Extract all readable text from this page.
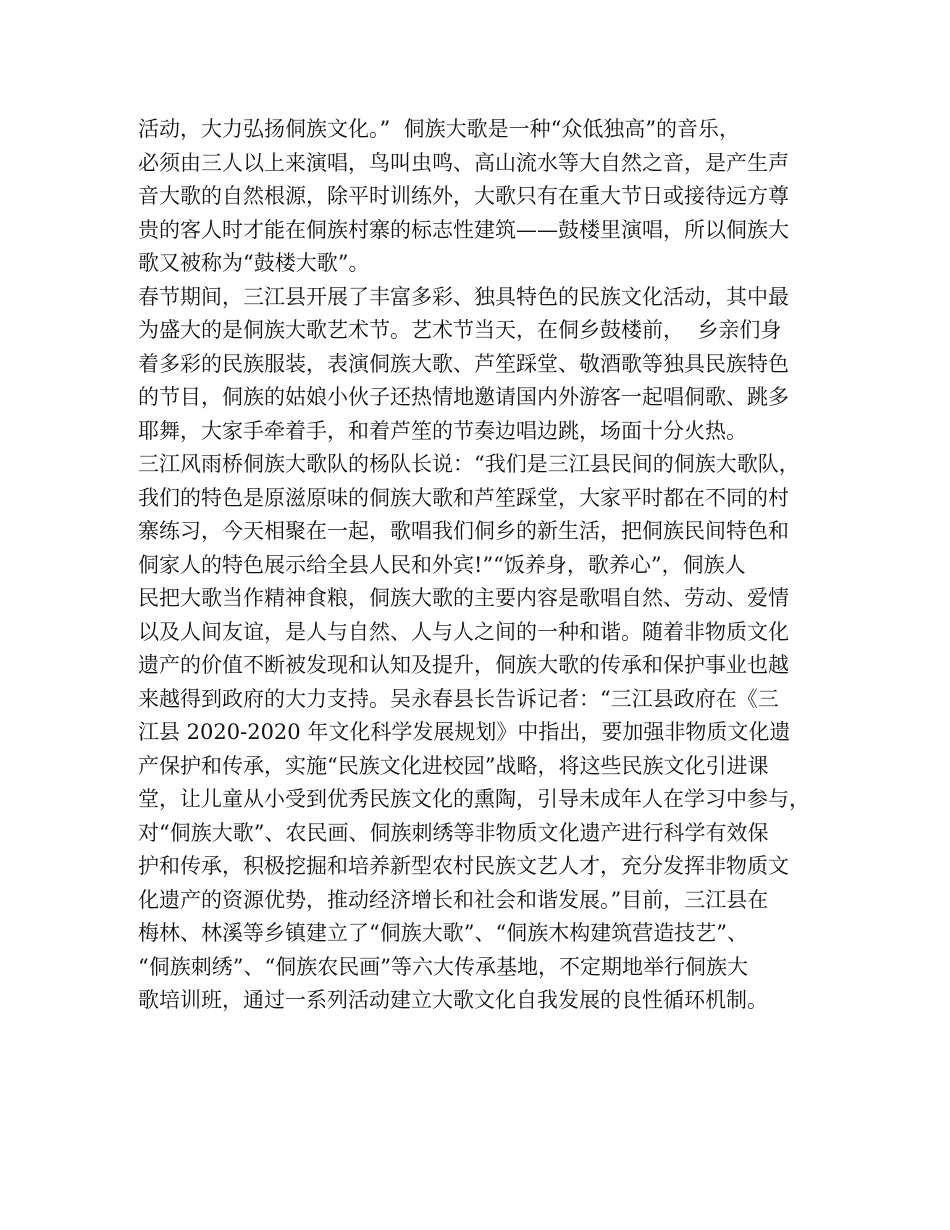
活动，大力弘扬侗族文化。”  侗族大歌是一种“众低独高”的音乐，
必须由三人以上来演唱，鸟叫虫鸣、高山流水等大自然之音，是产生声
音大歌的自然根源，除平时训练外，大歌只有在重大节日或接待远方尊
贵的客人时才能在侗族村寨的标志性建筑——鼓楼里演唱，所以侗族大
歌又被称为“鼓楼大歌”。
春节期间，三江县开展了丰富多彩、独具特色的民族文化活动，其中最
为盛大的是侗族大歌艺术节。艺术节当天，在侗乡鼓楼前，  乡亲们身
着多彩的民族服装，表演侗族大歌、芦笙踩堂、敬酒歌等独具民族特色
的节目，侗族的姑娘小伙子还热情地邀请国内外游客一起唱侗歌、跳多
耶舞，大家手牵着手，和着芦笙的节奏边唱边跳，场面十分火热。
三江风雨桥侗族大歌队的杨队长说：“我们是三江县民间的侗族大歌队，
我们的特色是原滋原味的侗族大歌和芦笙踩堂，大家平时都在不同的村
寨练习，今天相聚在一起，歌唱我们侗乡的新生活，把侗族民间特色和
侗家人的特色展示给全县人民和外宾!”“饭养身，歌养心”，侗族人
民把大歌当作精神食粮，侗族大歌的主要内容是歌唱自然、劳动、爱情
以及人间友谊，是人与自然、人与人之间的一种和谐。随着非物质文化
遗产的价值不断被发现和认知及提升，侗族大歌的传承和保护事业也越
来越得到政府的大力支持。吴永春县长告诉记者：“三江县政府在《三
江县 2020-2020 年文化科学发展规划》中指出，要加强非物质文化遗
产保护和传承，实施“民族文化进校园”战略，将这些民族文化引进课
堂，让儿童从小受到优秀民族文化的熏陶，引导未成年人在学习中参与，
对“侗族大歌”、农民画、侗族刺绣等非物质文化遗产进行科学有效保
护和传承，积极挖掘和培养新型农村民族文艺人才，充分发挥非物质文
化遗产的资源优势，推动经济增长和社会和谐发展。”目前，三江县在
梅林、林溪等乡镇建立了“侗族大歌”、“侗族木构建筑营造技艺”、
“侗族刺绣”、“侗族农民画”等六大传承基地，不定期地举行侗族大
歌培训班，通过一系列活动建立大歌文化自我发展的良性循环机制。
